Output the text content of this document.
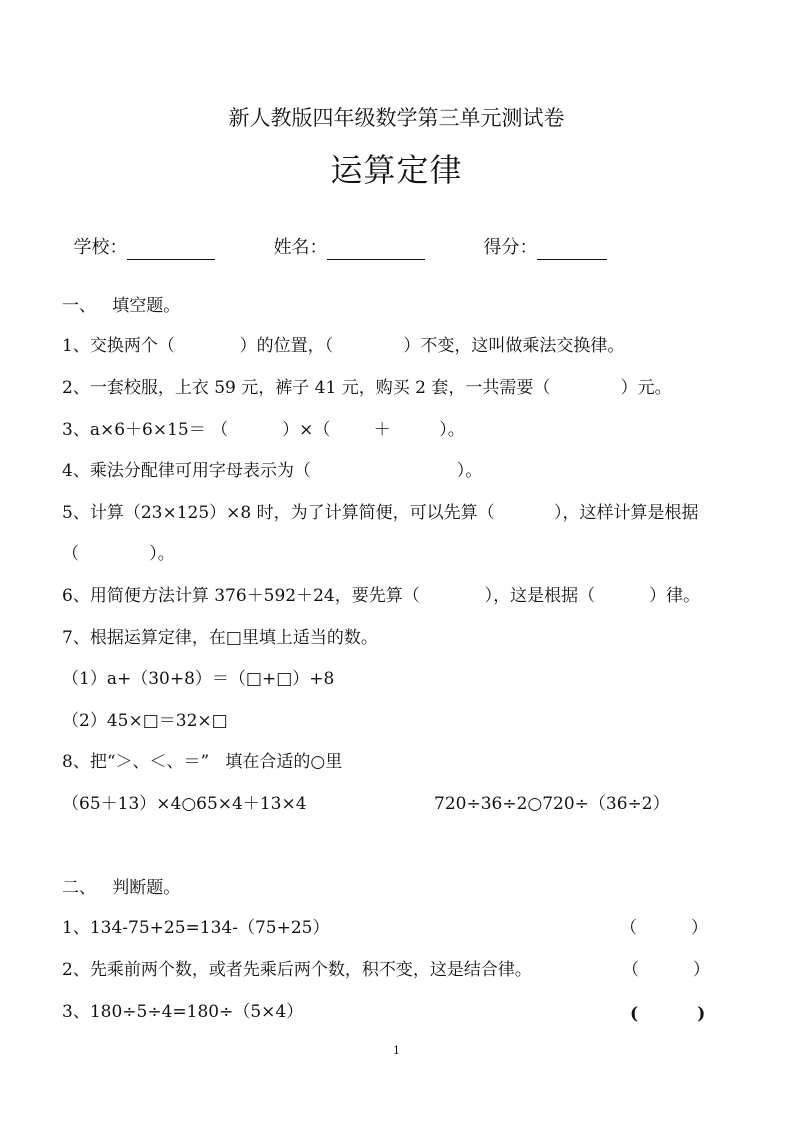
新人教版四年级数学第三单元测试卷
运算定律

学校：	姓名：	得分：

一、   填空题。
1、交换两个（            ）的位置，（             ）不变，这叫做乘法交换律。
2、一套校服，上衣 59 元，裤子 41 元，购买 2 套，一共需要（             ）元。
3、a×6＋6×15＝ （          ）×（        ＋         ）。
4、乘法分配律可用字母表示为（                           ）。
5、计算（23×125）×8 时，为了计算简便，可以先算（           ），这样计算是根据
（             ）。
6、用简便方法计算 376＋592＋24，要先算（            ），这是根据（          ）律。
7、根据运算定律，在□里填上适当的数。
（1）a+（30+8）＝（□+□）+8
（2）45×□＝32×□
8、把“＞、＜、＝”   填在合适的○里
（65＋13）×4○65×4＋13×4	720÷36÷2○720÷（36÷2）
二、   判断题。
1、134-75+25=134-（75+25）	（          ）
2、先乘前两个数，或者先乘后两个数，积不变，这是结合律。	（          ）
3、180÷5÷4=180÷（5×4）	(          )
1
